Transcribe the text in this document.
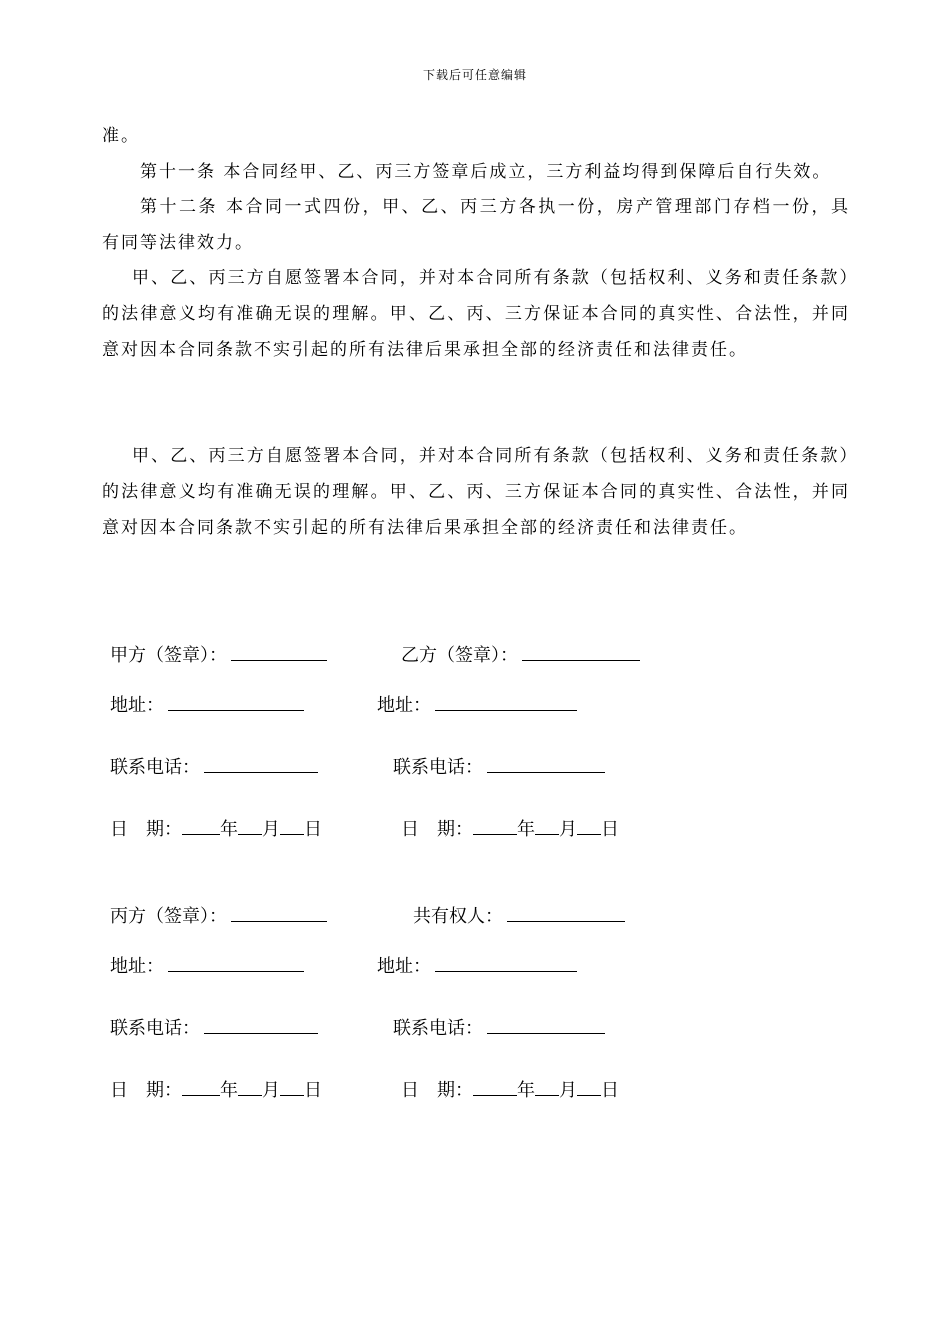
下载后可任意编辑

准。

第十一条 本合同经甲、乙、丙三方签章后成立，三方利益均得到保障后自行失效。

第十二条 本合同一式四份，甲、乙、丙三方各执一份，房产管理部门存档一份，具有同等法律效力。

甲、乙、丙三方自愿签署本合同，并对本合同所有条款（包括权利、义务和责任条款）的法律意义均有准确无误的理解。甲、乙、丙、三方保证本合同的真实性、合法性，并同意对因本合同条款不实引起的所有法律后果承担全部的经济责任和法律责任。

甲、乙、丙三方自愿签署本合同，并对本合同所有条款（包括权利、义务和责任条款）的法律意义均有准确无误的理解。甲、乙、丙、三方保证本合同的真实性、合法性，并同意对因本合同条款不实引起的所有法律后果承担全部的经济责任和法律责任。

甲方（签章）：	乙方（签章）：
地址：	地址：
联系电话：	联系电话：
日　期： 年 月 日	日　期： 年 月 日
丙方（签章）：	共有权人：
地址：	地址：
联系电话：	联系电话：
日　期： 年 月 日	日　期： 年 月 日
